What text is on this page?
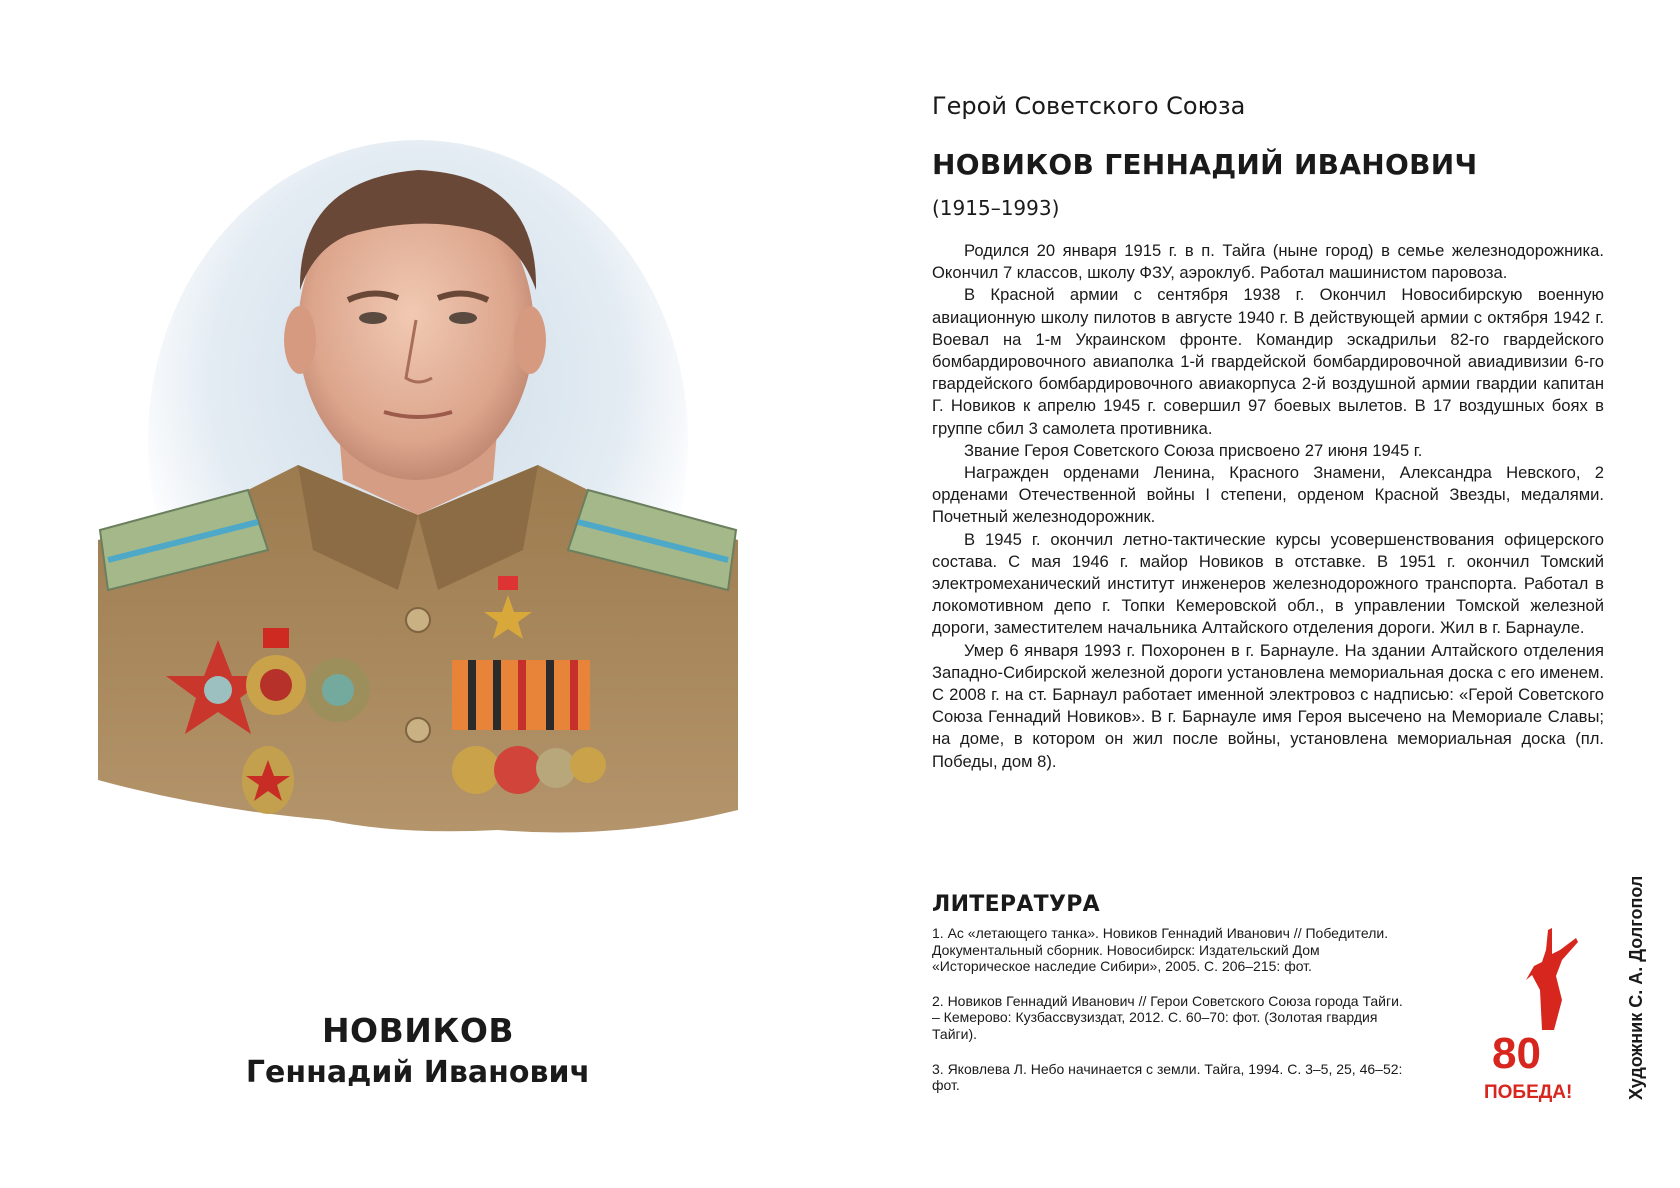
НОВИКОВ
Геннадий Иванович
Герой Советского Союза
НОВИКОВ ГЕННАДИЙ ИВАНОВИЧ
(1915–1993)

Родился 20 января 1915 г. в п. Тайга (ныне город) в семье железнодорожника. Окончил 7 классов, школу ФЗУ, аэроклуб. Работал машинистом паровоза.

В Красной армии с сентября 1938 г. Окончил Новосибирскую военную авиационную школу пилотов в августе 1940 г. В действующей армии с октября 1942 г. Воевал на 1-м Украинском фронте. Командир эскадрильи 82-го гвардейского бомбардировочного авиаполка 1-й гвардейской бомбардировочной авиадивизии 6-го гвардейского бомбардировочного авиакорпуса 2-й воздушной армии гвардии капитан Г. Новиков к апрелю 1945 г. совершил 97 боевых вылетов. В 17 воздушных боях в группе сбил 3 самолета противника.

Звание Героя Советского Союза присвоено 27 июня 1945 г.

Награжден орденами Ленина, Красного Знамени, Александра Невского, 2 орденами Отечественной войны I степени, орденом Красной Звезды, медалями. Почетный железнодорожник.

В 1945 г. окончил летно-тактические курсы усовершенствования офицерского состава. С мая 1946 г. майор Новиков в отставке. В 1951 г. окончил Томский электромеханический институт инженеров железнодорожного транспорта. Работал в локомотивном депо г. Топки Кемеровской обл., в управлении Томской железной дороги, заместителем начальника Алтайского отделения дороги. Жил в г. Барнауле.

Умер 6 января 1993 г. Похоронен в г. Барнауле. На здании Алтайского отделения Западно-Сибирской железной дороги установлена мемориальная доска с его именем. С 2008 г. на ст. Барнаул работает именной электровоз с надписью: «Герой Советского Союза Геннадий Новиков». В г. Барнауле имя Героя высечено на Мемориале Славы; на доме, в котором он жил после войны, установлена мемориальная доска (пл. Победы, дом 8).

ЛИТЕРАТУРА
1. Ас «летающего танка». Новиков Геннадий Иванович // Победители. Документальный сборник. Новосибирск: Издательский Дом «Историческое наследие Сибири», 2005. С. 206–215: фот.
2. Новиков Геннадий Иванович // Герои Советского Союза города Тайги. – Кемерово: Кузбассвузиздат, 2012. С. 60–70: фот. (Золотая гвардия Тайги).
3. Яковлева Л. Небо начинается с земли. Тайга, 1994. С. 3–5, 25, 46–52: фот.
80
ПОБЕДА!	Художник С. А. Долгопол
